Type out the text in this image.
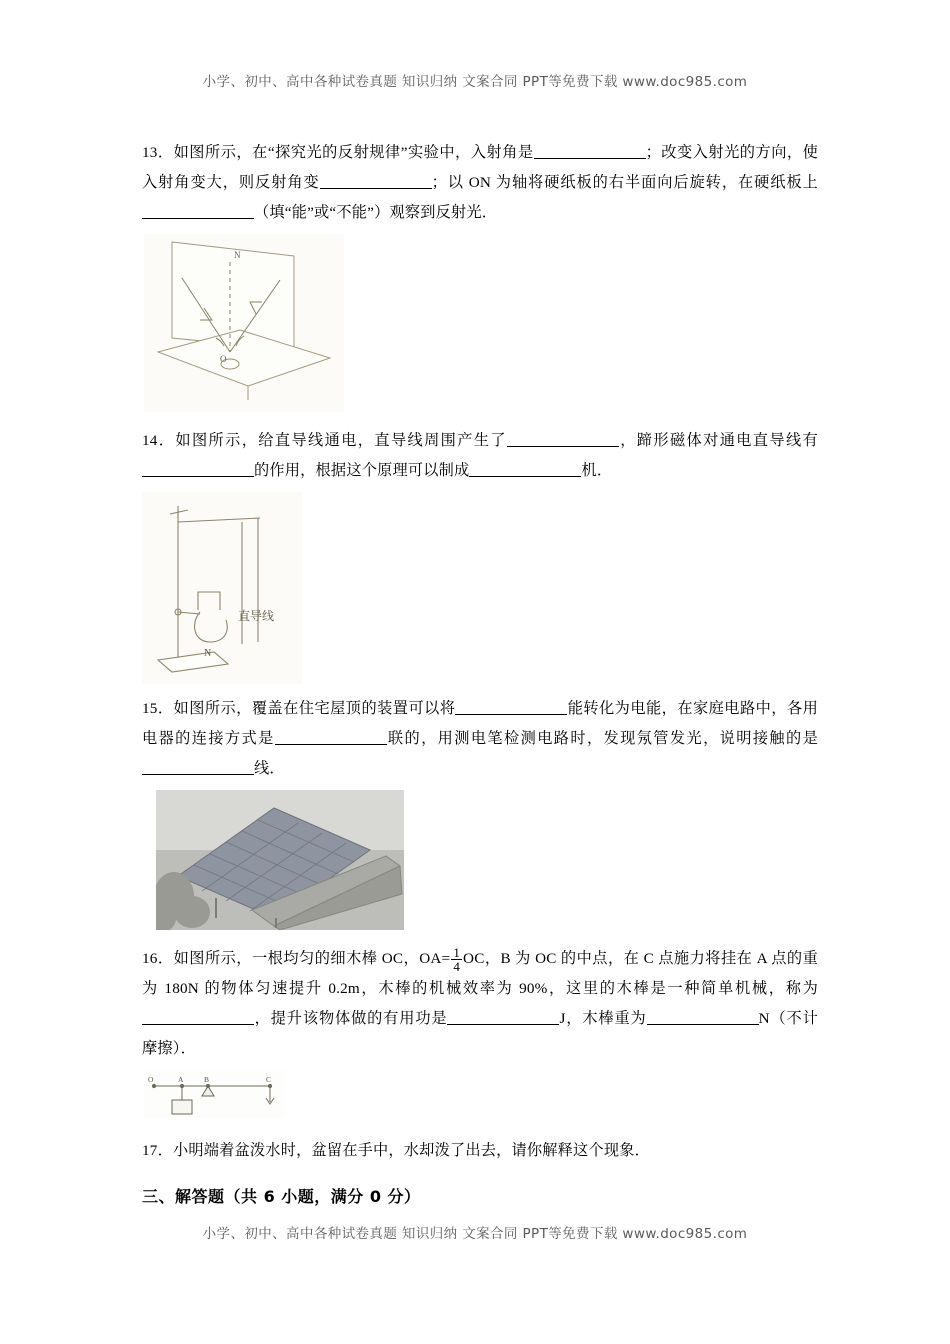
小学、初中、高中各种试卷真题 知识归纳 文案合同 PPT等免费下载 www.doc985.com
13．如图所示，在“探究光的反射规律”实验中，入射角是	；改变入射光的方向，使入射角变大，则反射角变	；以 ON 为轴将硬纸板的右半面向后旋转，在硬纸板上（填“能”或“不能”）观察到反射光．
O
N
14．如图所示，给直导线通电，直导线周围产生了	，蹄形磁体对通电直导线有的作用，根据这个原理可以制成	机．
直导线
N
15．如图所示，覆盖在住宅屋顶的装置可以将	能转化为电能，在家庭电路中，各用电器的连接方式是	联的，用测电笔检测电路时，发现氖管发光，说明接触的是线．
16．如图所示，一根均匀的细木棒 OC，$OA= \frac{1}{4}$ OC，B 为 OC 的中点，在 C 点施力将挂在 A 点的重为 180N 的物体匀速提升 0.2m，木棒的机械效率为 90%，这里的木棒是一种简单机械，称为，提升该物体做的有用功是	J，木棒重为	N（不计摩擦）．
O	A	B	C
17．小明端着盆泼水时，盆留在手中，水却泼了出去，请你解释这个现象．
三、解答题（共 6 小题，满分 0 分）
小学、初中、高中各种试卷真题 知识归纳 文案合同 PPT等免费下载 www.doc985.com
